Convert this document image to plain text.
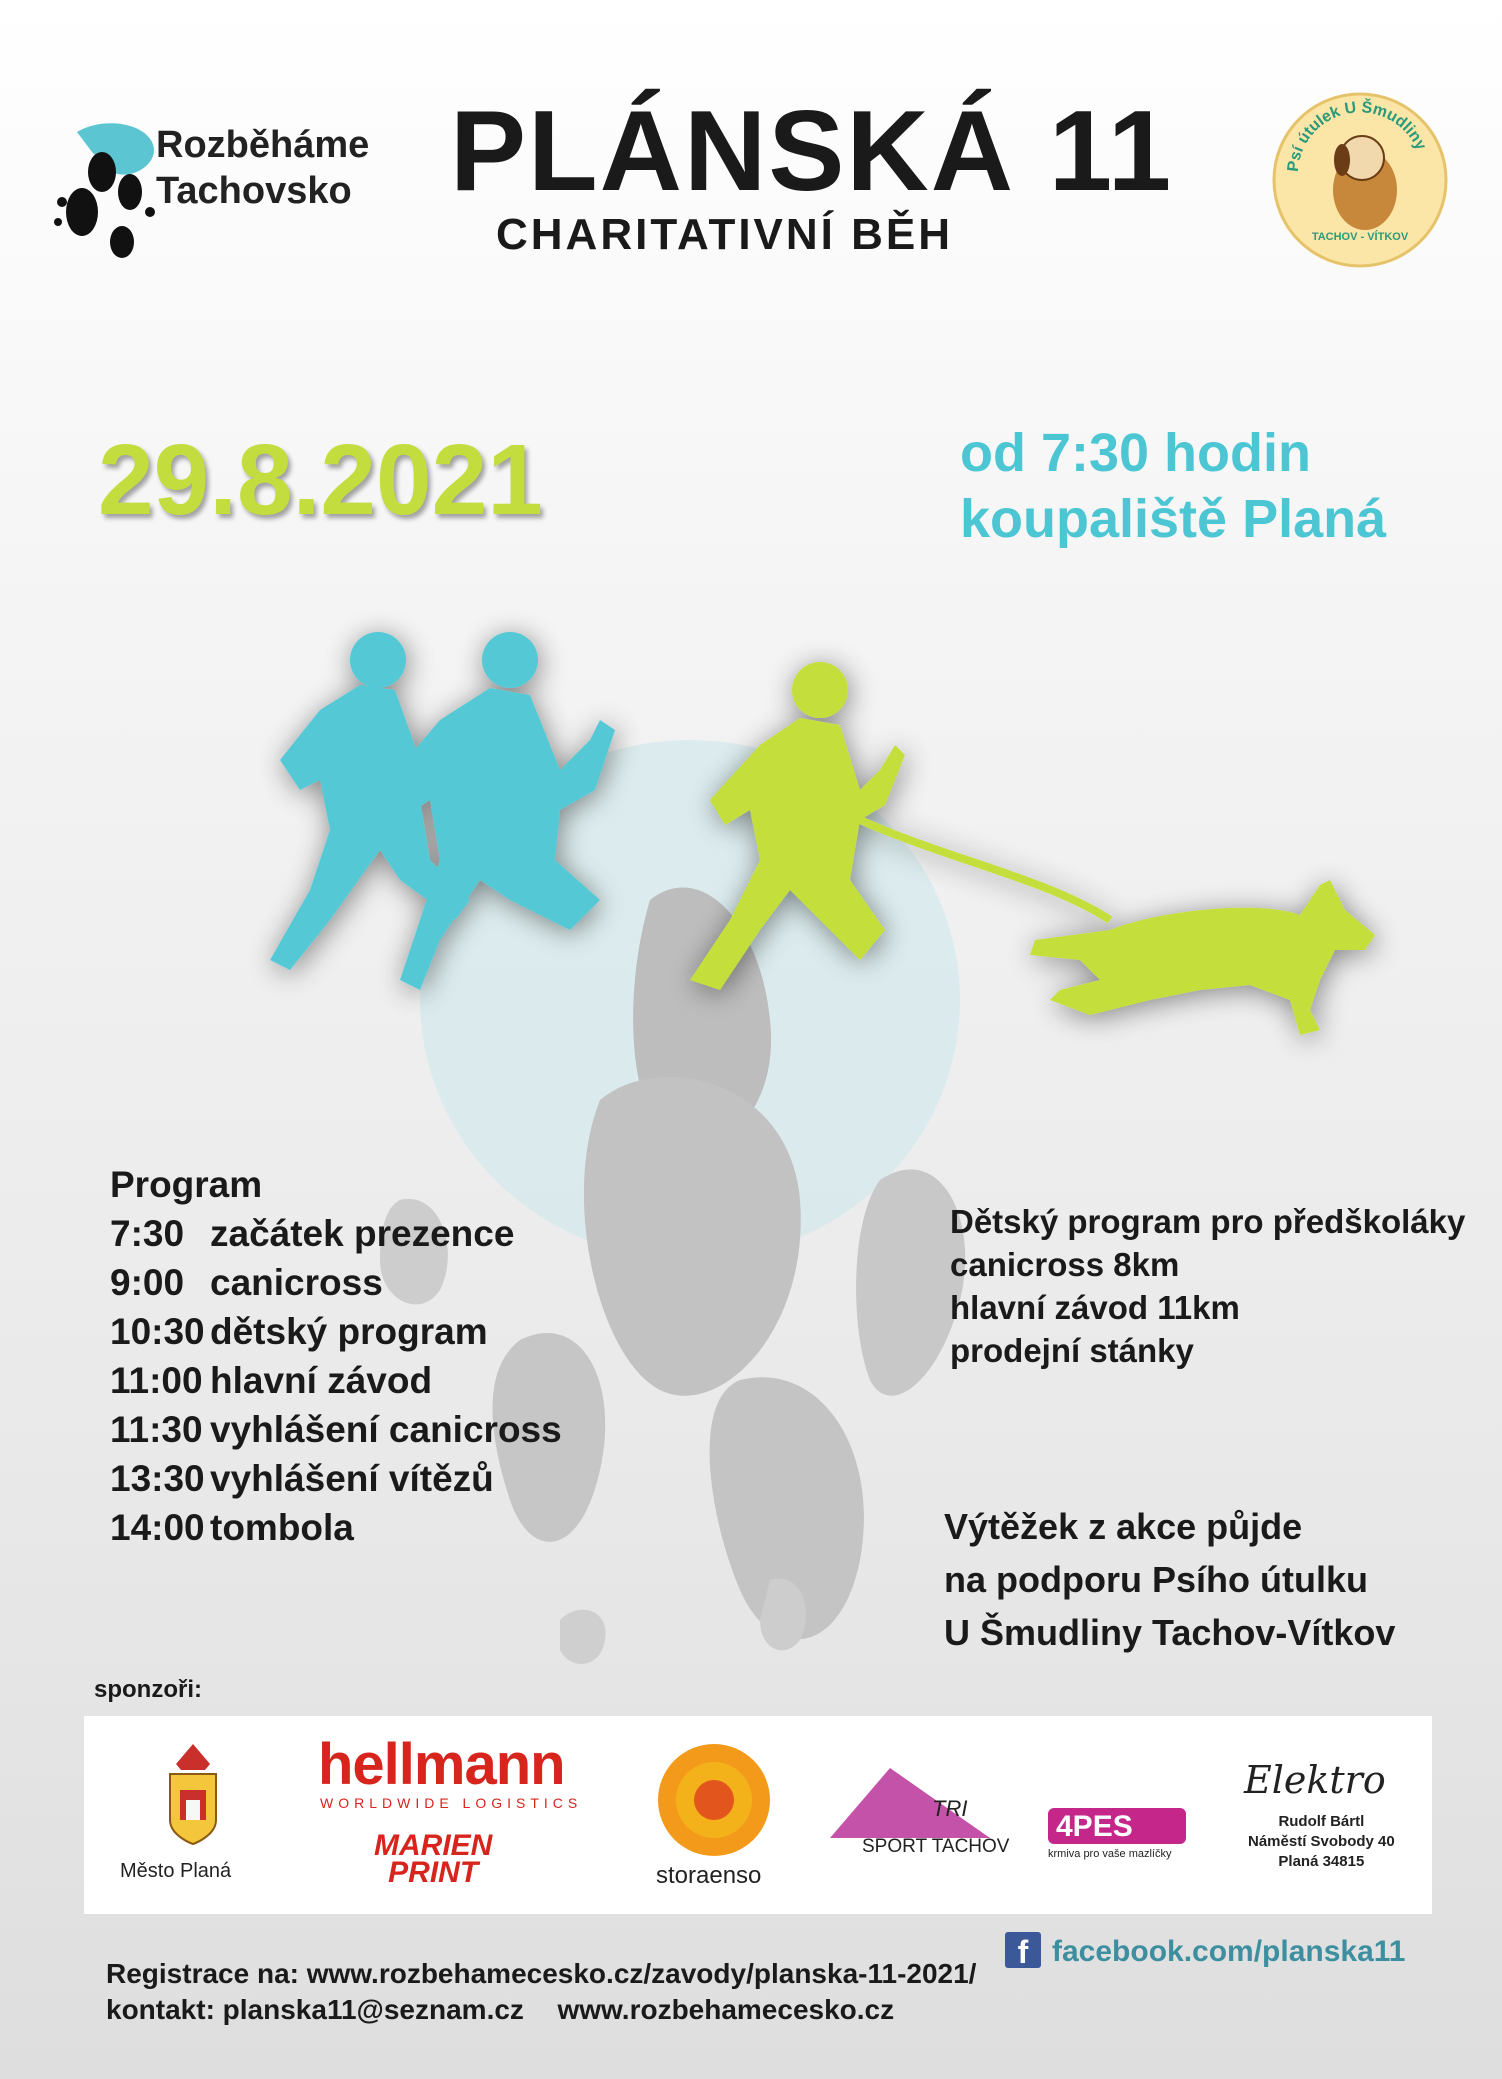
Rozběháme
Tachovsko PLÁNSKÁ 11
CHARITATIVNÍ BĚH
Psí útulek U Šmudliny
TACHOV - VÍTKOV
29.8.2021	od 7:30 hodin
koupaliště Planá
Program
7:30 začátek prezence
9:00 canicross
10:30 dětský program
11:00 hlavní závod
11:30 vyhlášení canicross
13:30 vyhlášení vítězů
14:00 tombola
Dětský program pro předškoláky
canicross 8km
hlavní závod 11km
prodejní stánky
Výtěžek z akce půjde
na podporu Psího útulku
U Šmudliny Tachov-Vítkov
sponzoři:
Město Planá
hellmann
WORLDWIDE LOGISTICS
MARIEN
PRINT	storaenso
TRI
SPORT TACHOV
4PES
krmiva pro vaše mazlíčky
Elektro
Rudolf Bártl
Náměstí Svobody 40
Planá 34815
Registrace na: www.rozbehamecesko.cz/zavody/planska-11-2021/
kontakt: planska11@seznam.cz www.rozbehamecesko.cz
f facebook.com/planska11
